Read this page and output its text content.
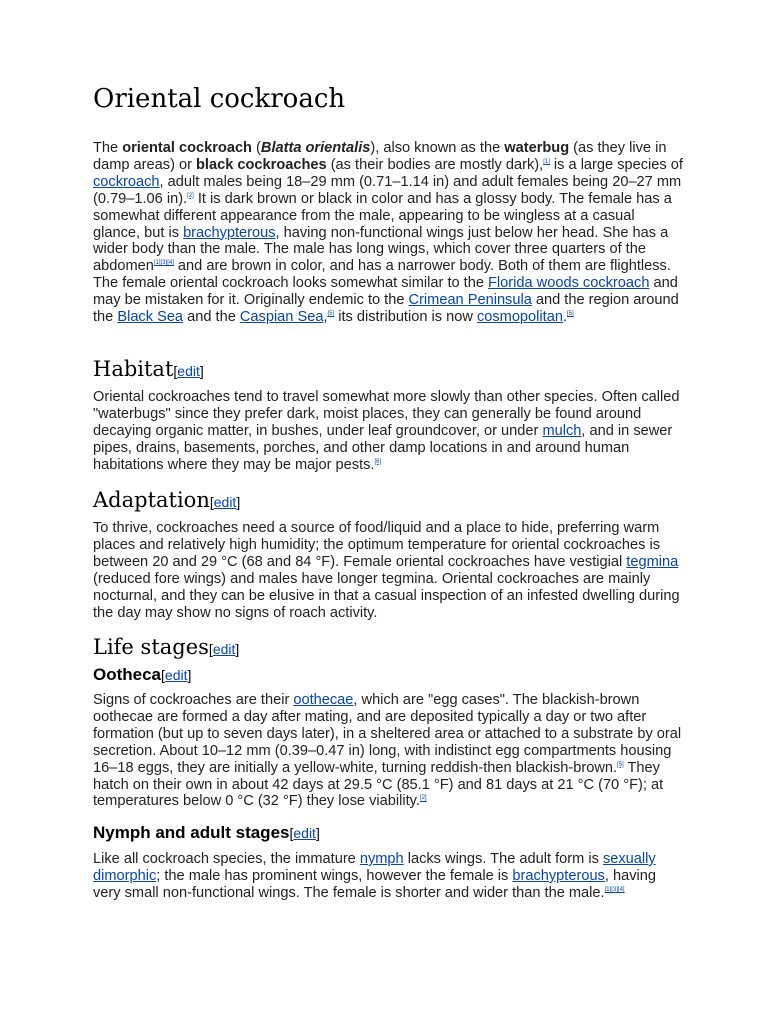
Oriental cockroach

The oriental cockroach (Blatta orientalis), also known as the waterbug (as they live in damp areas) or black cockroaches (as their bodies are mostly dark),[1] is a large species of cockroach, adult males being 18–29 mm (0.71–1.14 in) and adult females being 20–27 mm (0.79–1.06 in).[2] It is dark brown or black in color and has a glossy body. The female has a somewhat different appearance from the male, appearing to be wingless at a casual glance, but is brachypterous, having non-functional wings just below her head. She has a wider body than the male. The male has long wings, which cover three quarters of the abdomen[1][3][4] and are brown in color, and has a narrower body. Both of them are flightless. The female oriental cockroach looks somewhat similar to the Florida woods cockroach and may be mistaken for it. Originally endemic to the Crimean Peninsula and the region around the Black Sea and the Caspian Sea,[5] its distribution is now cosmopolitan.[5]

Habitat[edit]

Oriental cockroaches tend to travel somewhat more slowly than other species. Often called "waterbugs" since they prefer dark, moist places, they can generally be found around decaying organic matter, in bushes, under leaf groundcover, or under mulch, and in sewer pipes, drains, basements, porches, and other damp locations in and around human habitations where they may be major pests.[6]

Adaptation[edit]

To thrive, cockroaches need a source of food/liquid and a place to hide, preferring warm places and relatively high humidity; the optimum temperature for oriental cockroaches is between 20 and 29 °C (68 and 84 °F). Female oriental cockroaches have vestigial tegmina (reduced fore wings) and males have longer tegmina. Oriental cockroaches are mainly nocturnal, and they can be elusive in that a casual inspection of an infested dwelling during the day may show no signs of roach activity.

Life stages[edit]
Ootheca[edit]

Signs of cockroaches are their oothecae, which are "egg cases". The blackish-brown oothecae are formed a day after mating, and are deposited typically a day or two after formation (but up to seven days later), in a sheltered area or attached to a substrate by oral secretion. About 10–12 mm (0.39–0.47 in) long, with indistinct egg compartments housing 16–18 eggs, they are initially a yellow-white, turning reddish-then blackish-brown.[5] They hatch on their own in about 42 days at 29.5 °C (85.1 °F) and 81 days at 21 °C (70 °F); at temperatures below 0 °C (32 °F) they lose viability.[2]

Nymph and adult stages[edit]

Like all cockroach species, the immature nymph lacks wings. The adult form is sexually dimorphic; the male has prominent wings, however the female is brachypterous, having very small non-functional wings. The female is shorter and wider than the male.[1][3][4]
